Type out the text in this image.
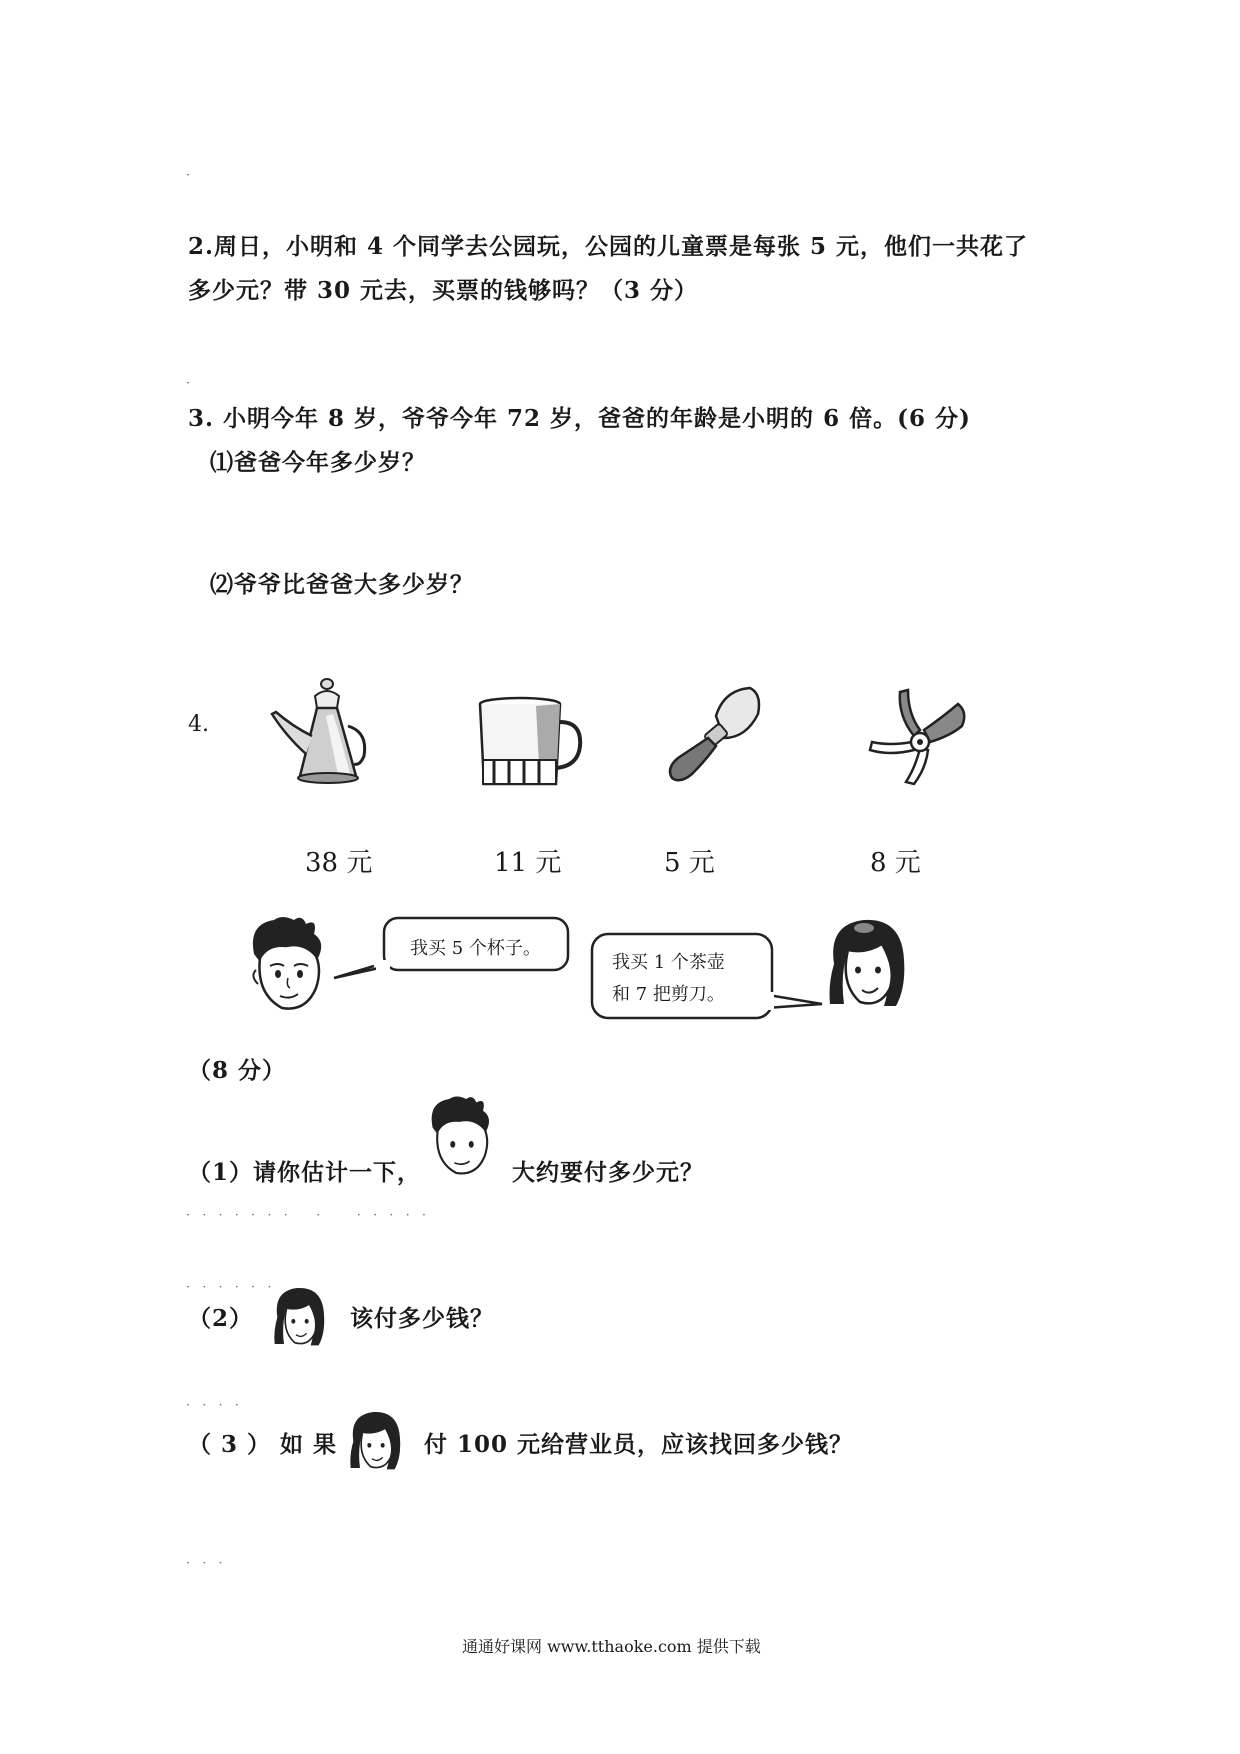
2.周日，小明和 4 个同学去公园玩，公园的儿童票是每张 5 元，他们一共花了
多少元？带 30 元去，买票的钱够吗？（3 分）
3. 小明今年 8 岁，爷爷今年 72 岁，爸爸的年龄是小明的 6 倍。(6 分)
⑴爸爸今年多少岁？
⑵爷爷比爸爸大多少岁？
4.
38 元	11 元	5 元	8 元
我买 5 个杯子。
我买 1 个茶壶
和 7 把剪刀。
（8 分）
（1）请你估计一下，	大约要付多少元？
（2）	该付多少钱？
（ 3 ） 如 果	付 100 元给营业员，应该找回多少钱？
·
·
· · · · · · ·   ·    · · · · ·
· · · · · ·
· · · ·
· · ·
通通好课网 www.tthaoke.com 提供下载
